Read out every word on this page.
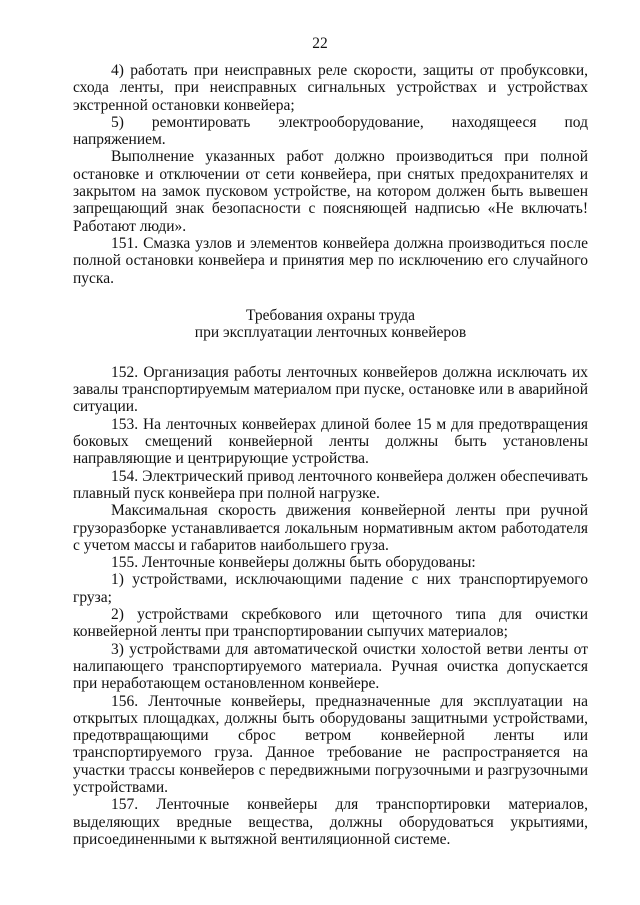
22

4) работать при неисправных реле скорости, защиты от пробуксовки, схода ленты, при неисправных сигнальных устройствах и устройствах экстренной остановки конвейера;

5) ремонтировать электрооборудование, находящееся под напряжением.

Выполнение указанных работ должно производиться при полной остановке и отключении от сети конвейера, при снятых предохранителях и закрытом на замок пусковом устройстве, на котором должен быть вывешен запрещающий знак безопасности с поясняющей надписью «Не включать! Работают люди».

151. Смазка узлов и элементов конвейера должна производиться после полной остановки конвейера и принятия мер по исключению его случайного пуска.

Требования охраны труда
при эксплуатации ленточных конвейеров

152. Организация работы ленточных конвейеров должна исключать их завалы транспортируемым материалом при пуске, остановке или в аварийной ситуации.

153. На ленточных конвейерах длиной более 15 м для предотвращения боковых смещений конвейерной ленты должны быть установлены направляющие и центрирующие устройства.

154. Электрический привод ленточного конвейера должен обеспечивать плавный пуск конвейера при полной нагрузке.

Максимальная скорость движения конвейерной ленты при ручной грузоразборке устанавливается локальным нормативным актом работодателя с учетом массы и габаритов наибольшего груза.

155. Ленточные конвейеры должны быть оборудованы:

1) устройствами, исключающими падение с них транспортируемого груза;

2) устройствами скребкового или щеточного типа для очистки конвейерной ленты при транспортировании сыпучих материалов;

3) устройствами для автоматической очистки холостой ветви ленты от налипающего транспортируемого материала. Ручная очистка допускается при неработающем остановленном конвейере.

156. Ленточные конвейеры, предназначенные для эксплуатации на открытых площадках, должны быть оборудованы защитными устройствами, предотвращающими сброс ветром конвейерной ленты или транспортируемого груза. Данное требование не распространяется на участки трассы конвейеров с передвижными погрузочными и разгрузочными устройствами.

157. Ленточные конвейеры для транспортировки материалов, выделяющих вредные вещества, должны оборудоваться укрытиями, присоединенными к вытяжной вентиляционной системе.
